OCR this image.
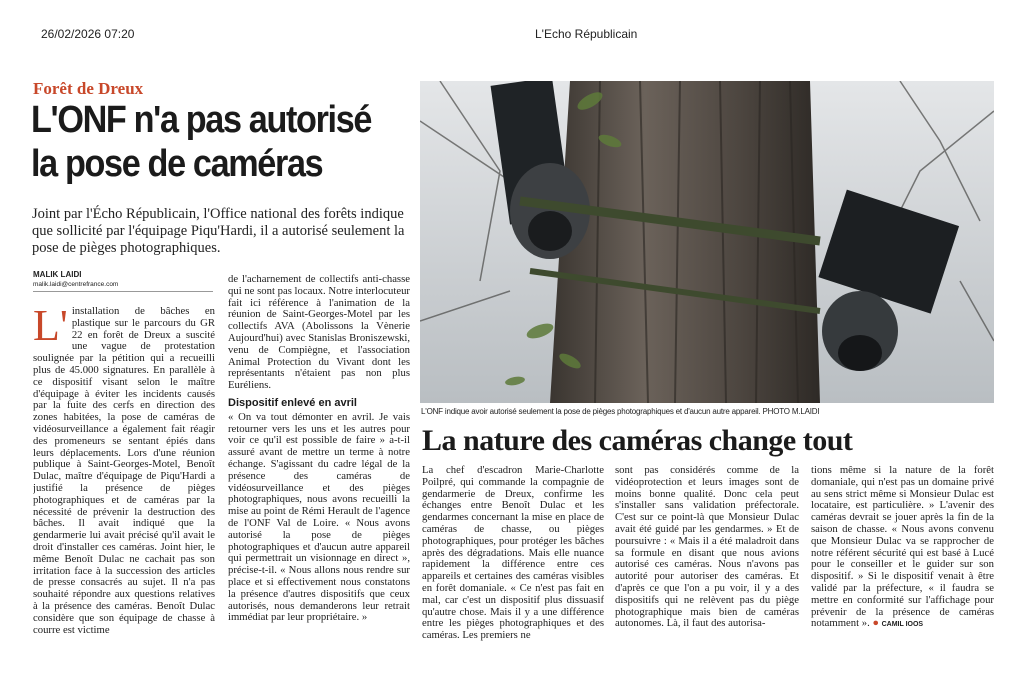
26/02/2026 07:20	L'Echo Républicain
Forêt de Dreux
L'ONF n'a pas autorisé la pose de caméras
Joint par l'Écho Républicain, l'Office national des forêts indique que sollicité par l'équipage Piqu'Hardi, il a autorisé seulement la pose de pièges photographiques.
MALIK LAIDI
malik.laidi@centrefrance.com
L' installation de bâches en plastique sur le parcours du GR 22 en forêt de Dreux a suscité une vague de protestation soulignée par la pétition qui a recueilli plus de 45.000 signatures. En parallèle à ce dispositif visant selon le maître d'équipage à éviter les incidents causés par la fuite des cerfs en direction des zones habitées, la pose de caméras de vidéosurveillance a également fait réagir des promeneurs se sentant épiés dans leurs déplacements. Lors d'une réunion publique à Saint-Georges-Motel, Benoît Dulac, maître d'équipage de Piqu'Hardi a justifié la présence de pièges photographiques et de caméras par la nécessité de prévenir la destruction des bâches. Il avait indiqué que la gendarmerie lui avait précisé qu'il avait le droit d'installer ces caméras. Joint hier, le même Benoît Dulac ne cachait pas son irritation face à la succession des articles de presse consacrés au sujet. Il n'a pas souhaité répondre aux questions relatives à la présence des caméras. Benoît Dulac considère que son équipage de chasse à courre est victime
de l'acharnement de collectifs anti-chasse qui ne sont pas locaux. Notre interlocuteur fait ici référence à l'animation de la réunion de Saint-Georges-Motel par les collectifs AVA (Abolissons la Vènerie Aujourd'hui) avec Stanislas Broniszewski, venu de Compiègne, et l'association Animal Protection du Vivant dont les représentants n'étaient pas non plus Euréliens.
Dispositif enlevé en avril
« On va tout démonter en avril. Je vais retourner vers les uns et les autres pour voir ce qu'il est possible de faire » a-t-il assuré avant de mettre un terme à notre échange. S'agissant du cadre légal de la présence des caméras de vidéosurveillance et des pièges photographiques, nous avons recueilli la mise au point de Rémi Herault de l'agence de l'ONF Val de Loire. « Nous avons autorisé la pose de pièges photographiques et d'aucun autre appareil qui permettrait un visionnage en direct », précise-t-il. « Nous allons nous rendre sur place et si effectivement nous constatons la présence d'autres dispositifs que ceux autorisés, nous demanderons leur retrait immédiat par leur propriétaire. »
L'ONF indique avoir autorisé seulement la pose de pièges photographiques et d'aucun autre appareil. PHOTO M.LAIDI
La nature des caméras change tout
La chef d'escadron Marie-Charlotte Poilpré, qui commande la compagnie de gendarmerie de Dreux, confirme les échanges entre Benoît Dulac et les gendarmes concernant la mise en place de caméras de chasse, ou pièges photographiques, pour protéger les bâches après des dégradations. Mais elle nuance rapidement la différence entre ces appareils et certaines des caméras visibles en forêt domaniale. « Ce n'est pas fait en mal, car c'est un dispositif plus dissuasif qu'autre chose. Mais il y a une différence entre les pièges photographiques et des caméras. Les premiers ne
sont pas considérés comme de la vidéoprotection et leurs images sont de moins bonne qualité. Donc cela peut s'installer sans validation préfectorale. C'est sur ce point-là que Monsieur Dulac avait été guidé par les gendarmes. » Et de poursuivre : « Mais il a été maladroit dans sa formule en disant que nous avions autorisé ces caméras. Nous n'avons pas autorité pour autoriser des caméras. Et d'après ce que l'on a pu voir, il y a des dispositifs qui ne relèvent pas du piège photographique mais bien de caméras autonomes. Là, il faut des autorisa-
tions même si la nature de la forêt domaniale, qui n'est pas un domaine privé au sens strict même si Monsieur Dulac est locataire, est particulière. » L'avenir des caméras devrait se jouer après la fin de la saison de chasse. « Nous avons convenu que Monsieur Dulac va se rapprocher de notre référent sécurité qui est basé à Lucé pour le conseiller et le guider sur son dispositif. » Si le dispositif venait à être validé par la préfecture, « il faudra se mettre en conformité sur l'affichage pour prévenir de la présence de caméras notamment ». ● CAMIL IOOS
